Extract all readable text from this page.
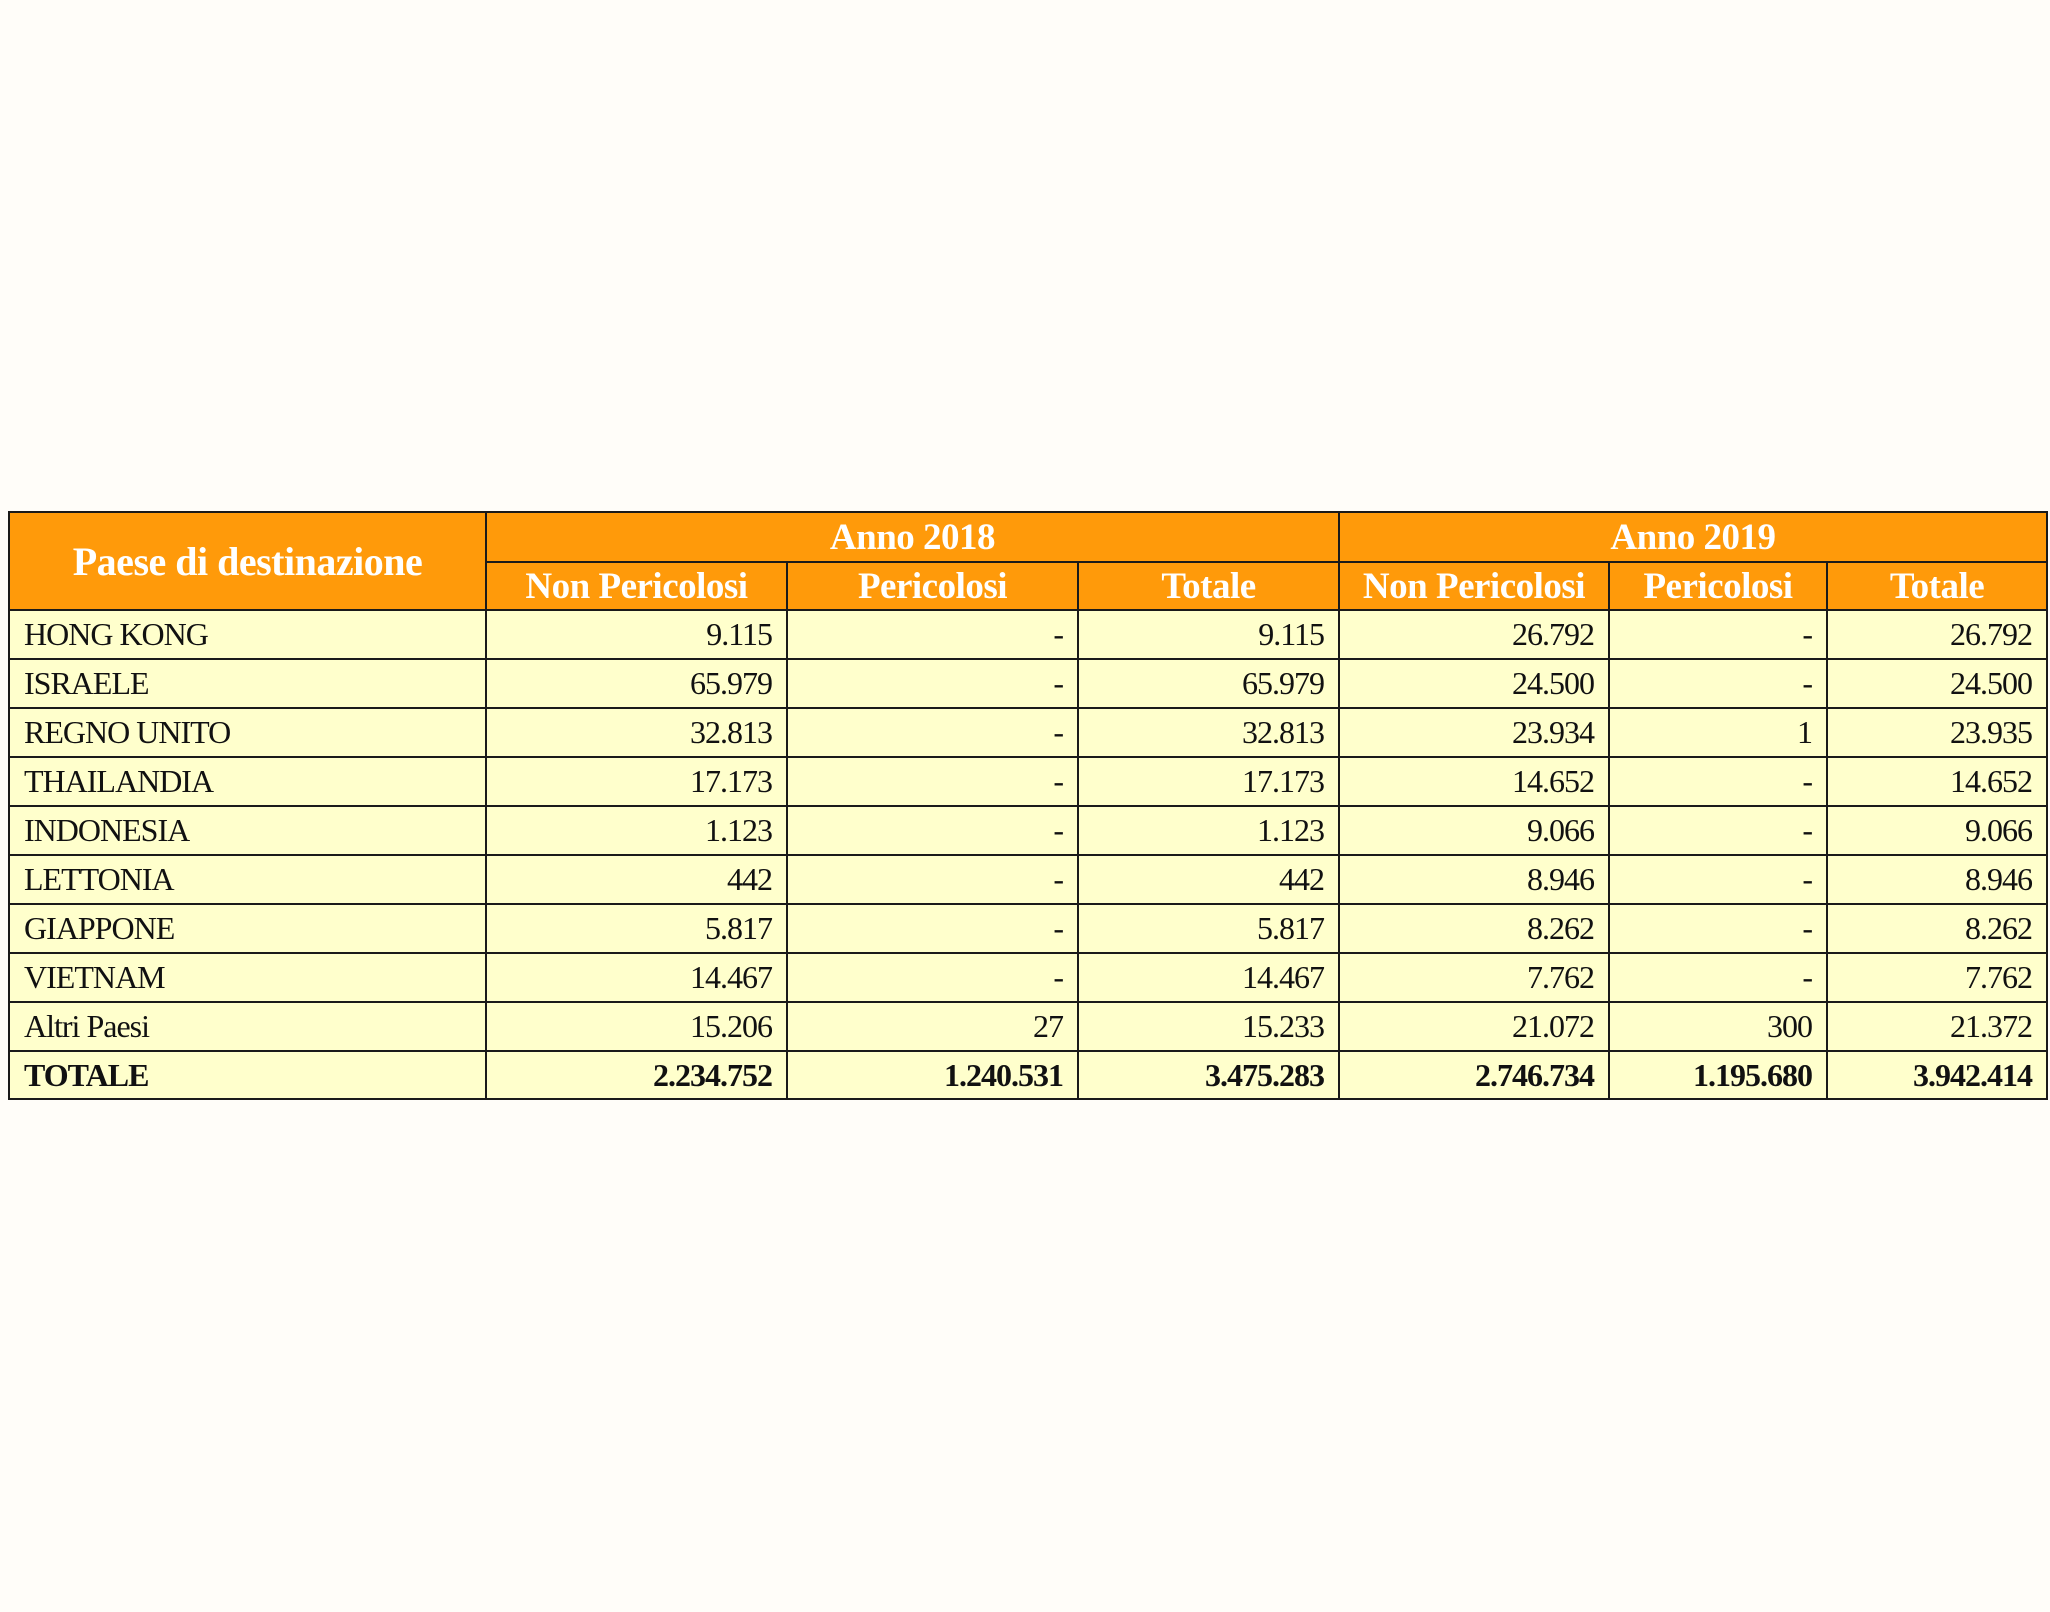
Paese di destinazione	Anno 2018			Anno 2019		
	Non Pericolosi	Pericolosi	Totale	Non Pericolosi	Pericolosi	Totale
HONG KONG	9.115	-	9.115	26.792	-	26.792
ISRAELE	65.979	-	65.979	24.500	-	24.500
REGNO UNITO	32.813	-	32.813	23.934	1	23.935
THAILANDIA	17.173	-	17.173	14.652	-	14.652
INDONESIA	1.123	-	1.123	9.066	-	9.066
LETTONIA	442	-	442	8.946	-	8.946
GIAPPONE	5.817	-	5.817	8.262	-	8.262
VIETNAM	14.467	-	14.467	7.762	-	7.762
Altri Paesi	15.206	27	15.233	21.072	300	21.372
TOTALE	2.234.752	1.240.531	3.475.283	2.746.734	1.195.680	3.942.414
